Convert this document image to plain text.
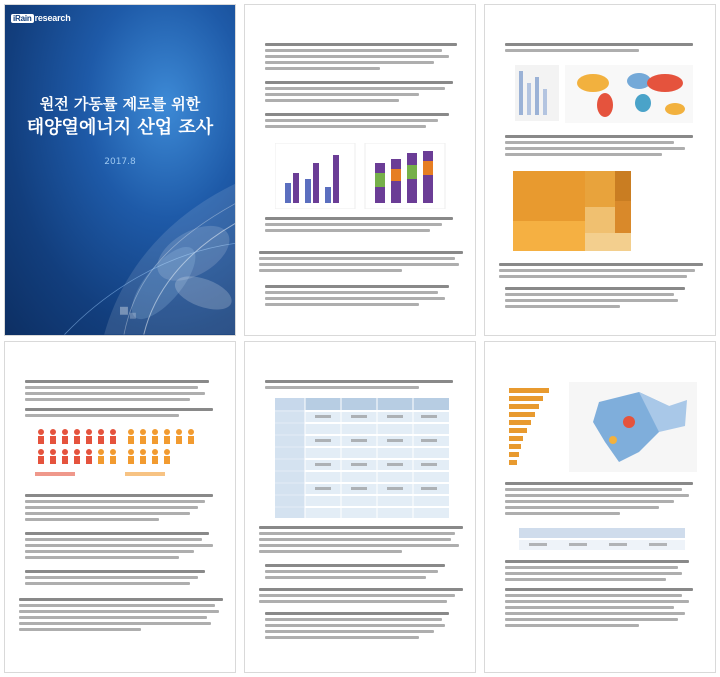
iRain research
원전 가동률 제로를 위한
태양열에너지 산업 조사
2017.8
